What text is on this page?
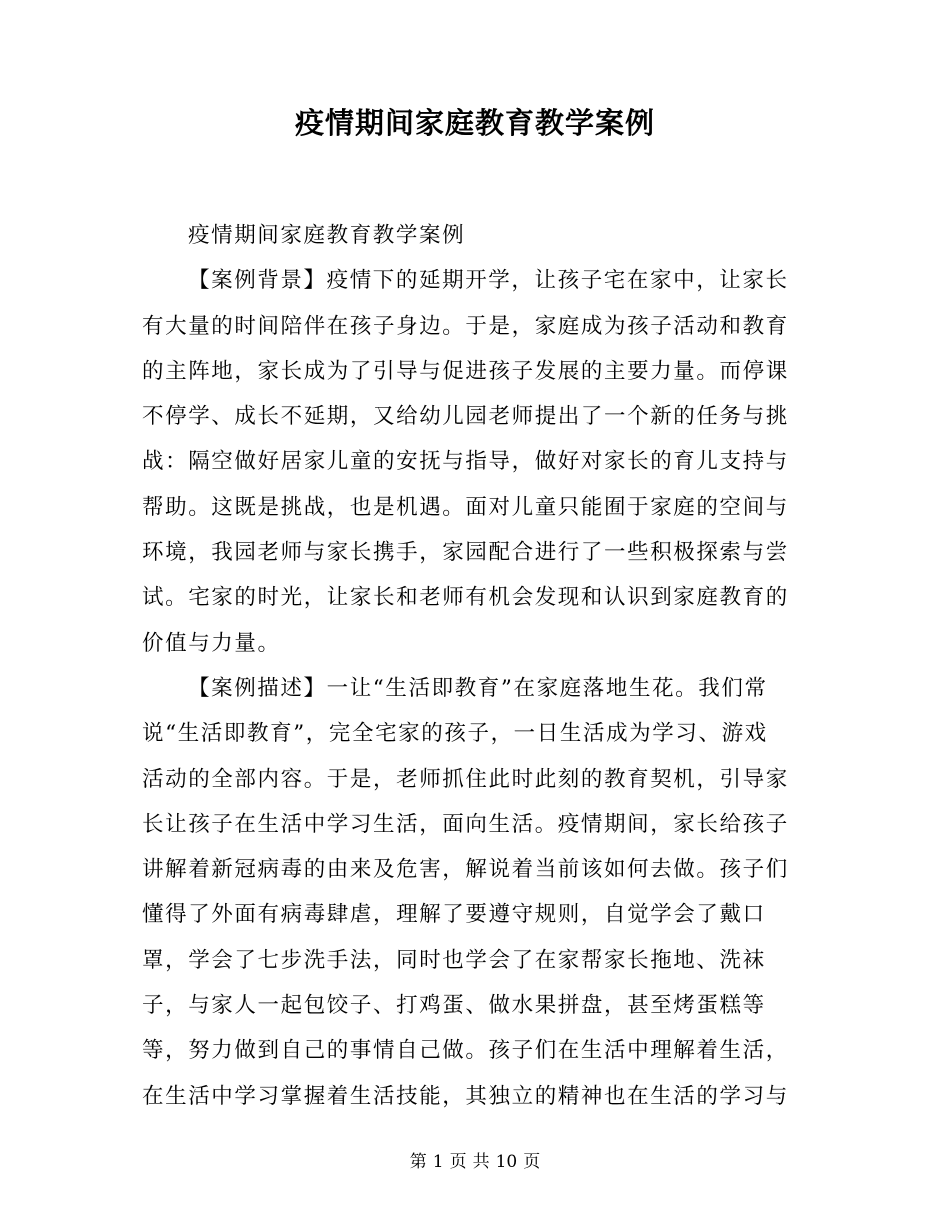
疫情期间家庭教育教学案例
疫情期间家庭教育教学案例
【案例背景】疫情下的延期开学，让孩子宅在家中，让家长
有大量的时间陪伴在孩子身边。于是，家庭成为孩子活动和教育
的主阵地，家长成为了引导与促进孩子发展的主要力量。而停课
不停学、成长不延期，又给幼儿园老师提出了一个新的任务与挑
战：隔空做好居家儿童的安抚与指导，做好对家长的育儿支持与
帮助。这既是挑战，也是机遇。面对儿童只能囿于家庭的空间与
环境，我园老师与家长携手，家园配合进行了一些积极探索与尝
试。宅家的时光，让家长和老师有机会发现和认识到家庭教育的
价值与力量。
【案例描述】一让“生活即教育”在家庭落地生花。我们常
说“生活即教育”，完全宅家的孩子，一日生活成为学习、游戏
活动的全部内容。于是，老师抓住此时此刻的教育契机，引导家
长让孩子在生活中学习生活，面向生活。疫情期间，家长给孩子
讲解着新冠病毒的由来及危害，解说着当前该如何去做。孩子们
懂得了外面有病毒肆虐，理解了要遵守规则，自觉学会了戴口
罩，学会了七步洗手法，同时也学会了在家帮家长拖地、洗袜
子，与家人一起包饺子、打鸡蛋、做水果拼盘，甚至烤蛋糕等
等，努力做到自己的事情自己做。孩子们在生活中理解着生活，
在生活中学习掌握着生活技能，其独立的精神也在生活的学习与
第 1 页 共 10 页
